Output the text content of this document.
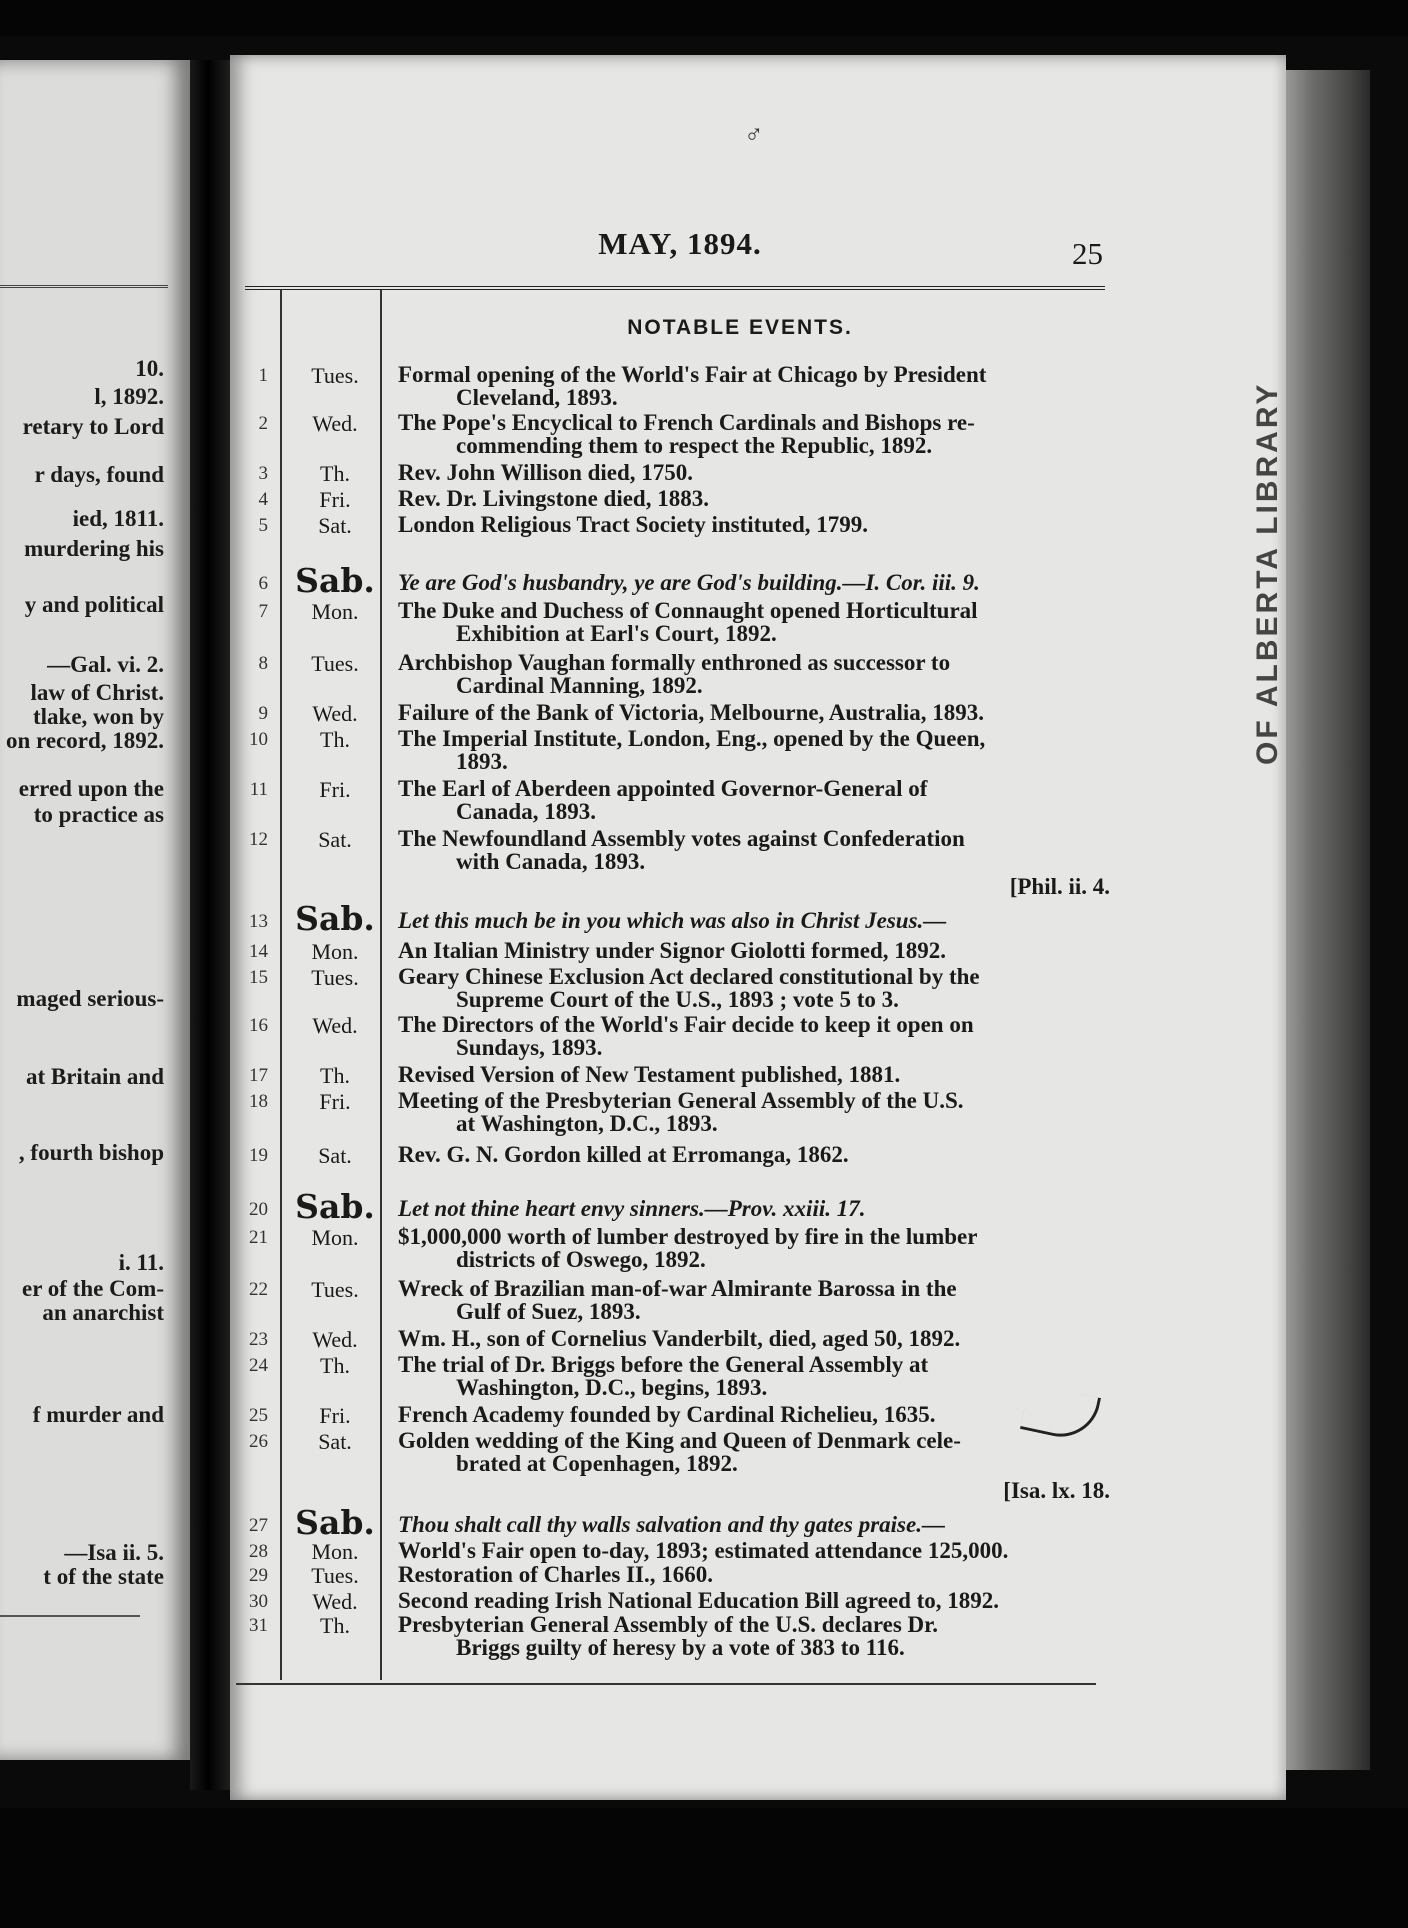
10.
l, 1892.
retary to Lord
r days, found
ied, 1811.
murdering his
y and political
—Gal. vi. 2.
law of Christ.
tlake, won by
on record, 1892.
erred upon the
to practice as
maged serious-
at Britain and
, fourth bishop
i. 11.
er of the Com-
an anarchist
f murder and
—Isa ii. 5.
t of the state
OF ALBERTA LIBRARY
♂
MAY, 1894.	25
NOTABLE EVENTS.
1	Tues.	Formal opening of the World's Fair at Chicago by President
Cleveland, 1893.
2	Wed.	The Pope's Encyclical to French Cardinals and Bishops re-
commending them to respect the Republic, 1892.
3	Th.	Rev. John Willison died, 1750.
4	Fri.	Rev. Dr. Livingstone died, 1883.
5	Sat.	London Religious Tract Society instituted, 1799.
6 Sab.	Ye are God's husbandry, ye are God's building.—I. Cor. iii. 9.
7	Mon.	The Duke and Duchess of Connaught opened Horticultural
Exhibition at Earl's Court, 1892.
8	Tues.	Archbishop Vaughan formally enthroned as successor to
Cardinal Manning, 1892.
9	Wed.	Failure of the Bank of Victoria, Melbourne, Australia, 1893.
10	Th.	The Imperial Institute, London, Eng., opened by the Queen,
1893.
11	Fri.	The Earl of Aberdeen appointed Governor-General of
Canada, 1893.
12	Sat.	The Newfoundland Assembly votes against Confederation
with Canada, 1893.
13 Sab.	Let this much be in you which was also in Christ Jesus.—
[Phil. ii. 4.
14	Mon.	An Italian Ministry under Signor Giolotti formed, 1892.
15	Tues.	Geary Chinese Exclusion Act declared constitutional by the
Supreme Court of the U.S., 1893 ; vote 5 to 3.
16	Wed.	The Directors of the World's Fair decide to keep it open on
Sundays, 1893.
17	Th.	Revised Version of New Testament published, 1881.
18	Fri.	Meeting of the Presbyterian General Assembly of the U.S.
at Washington, D.C., 1893.
19	Sat.	Rev. G. N. Gordon killed at Erromanga, 1862.
20 Sab.	Let not thine heart envy sinners.—Prov. xxiii. 17.
21	Mon.	$1,000,000 worth of lumber destroyed by fire in the lumber
districts of Oswego, 1892.
22	Tues.	Wreck of Brazilian man-of-war Almirante Barossa in the
Gulf of Suez, 1893.
23	Wed.	Wm. H., son of Cornelius Vanderbilt, died, aged 50, 1892.
24	Th.	The trial of Dr. Briggs before the General Assembly at
Washington, D.C., begins, 1893.
25	Fri.	French Academy founded by Cardinal Richelieu, 1635.
26	Sat.	Golden wedding of the King and Queen of Denmark cele-
brated at Copenhagen, 1892.
27 Sab.	Thou shalt call thy walls salvation and thy gates praise.—
[Isa. lx. 18.
28	Mon.	World's Fair open to-day, 1893; estimated attendance 125,000.
29	Tues.	Restoration of Charles II., 1660.
30	Wed.	Second reading Irish National Education Bill agreed to, 1892.
31	Th.	Presbyterian General Assembly of the U.S. declares Dr.
Briggs guilty of heresy by a vote of 383 to 116.
